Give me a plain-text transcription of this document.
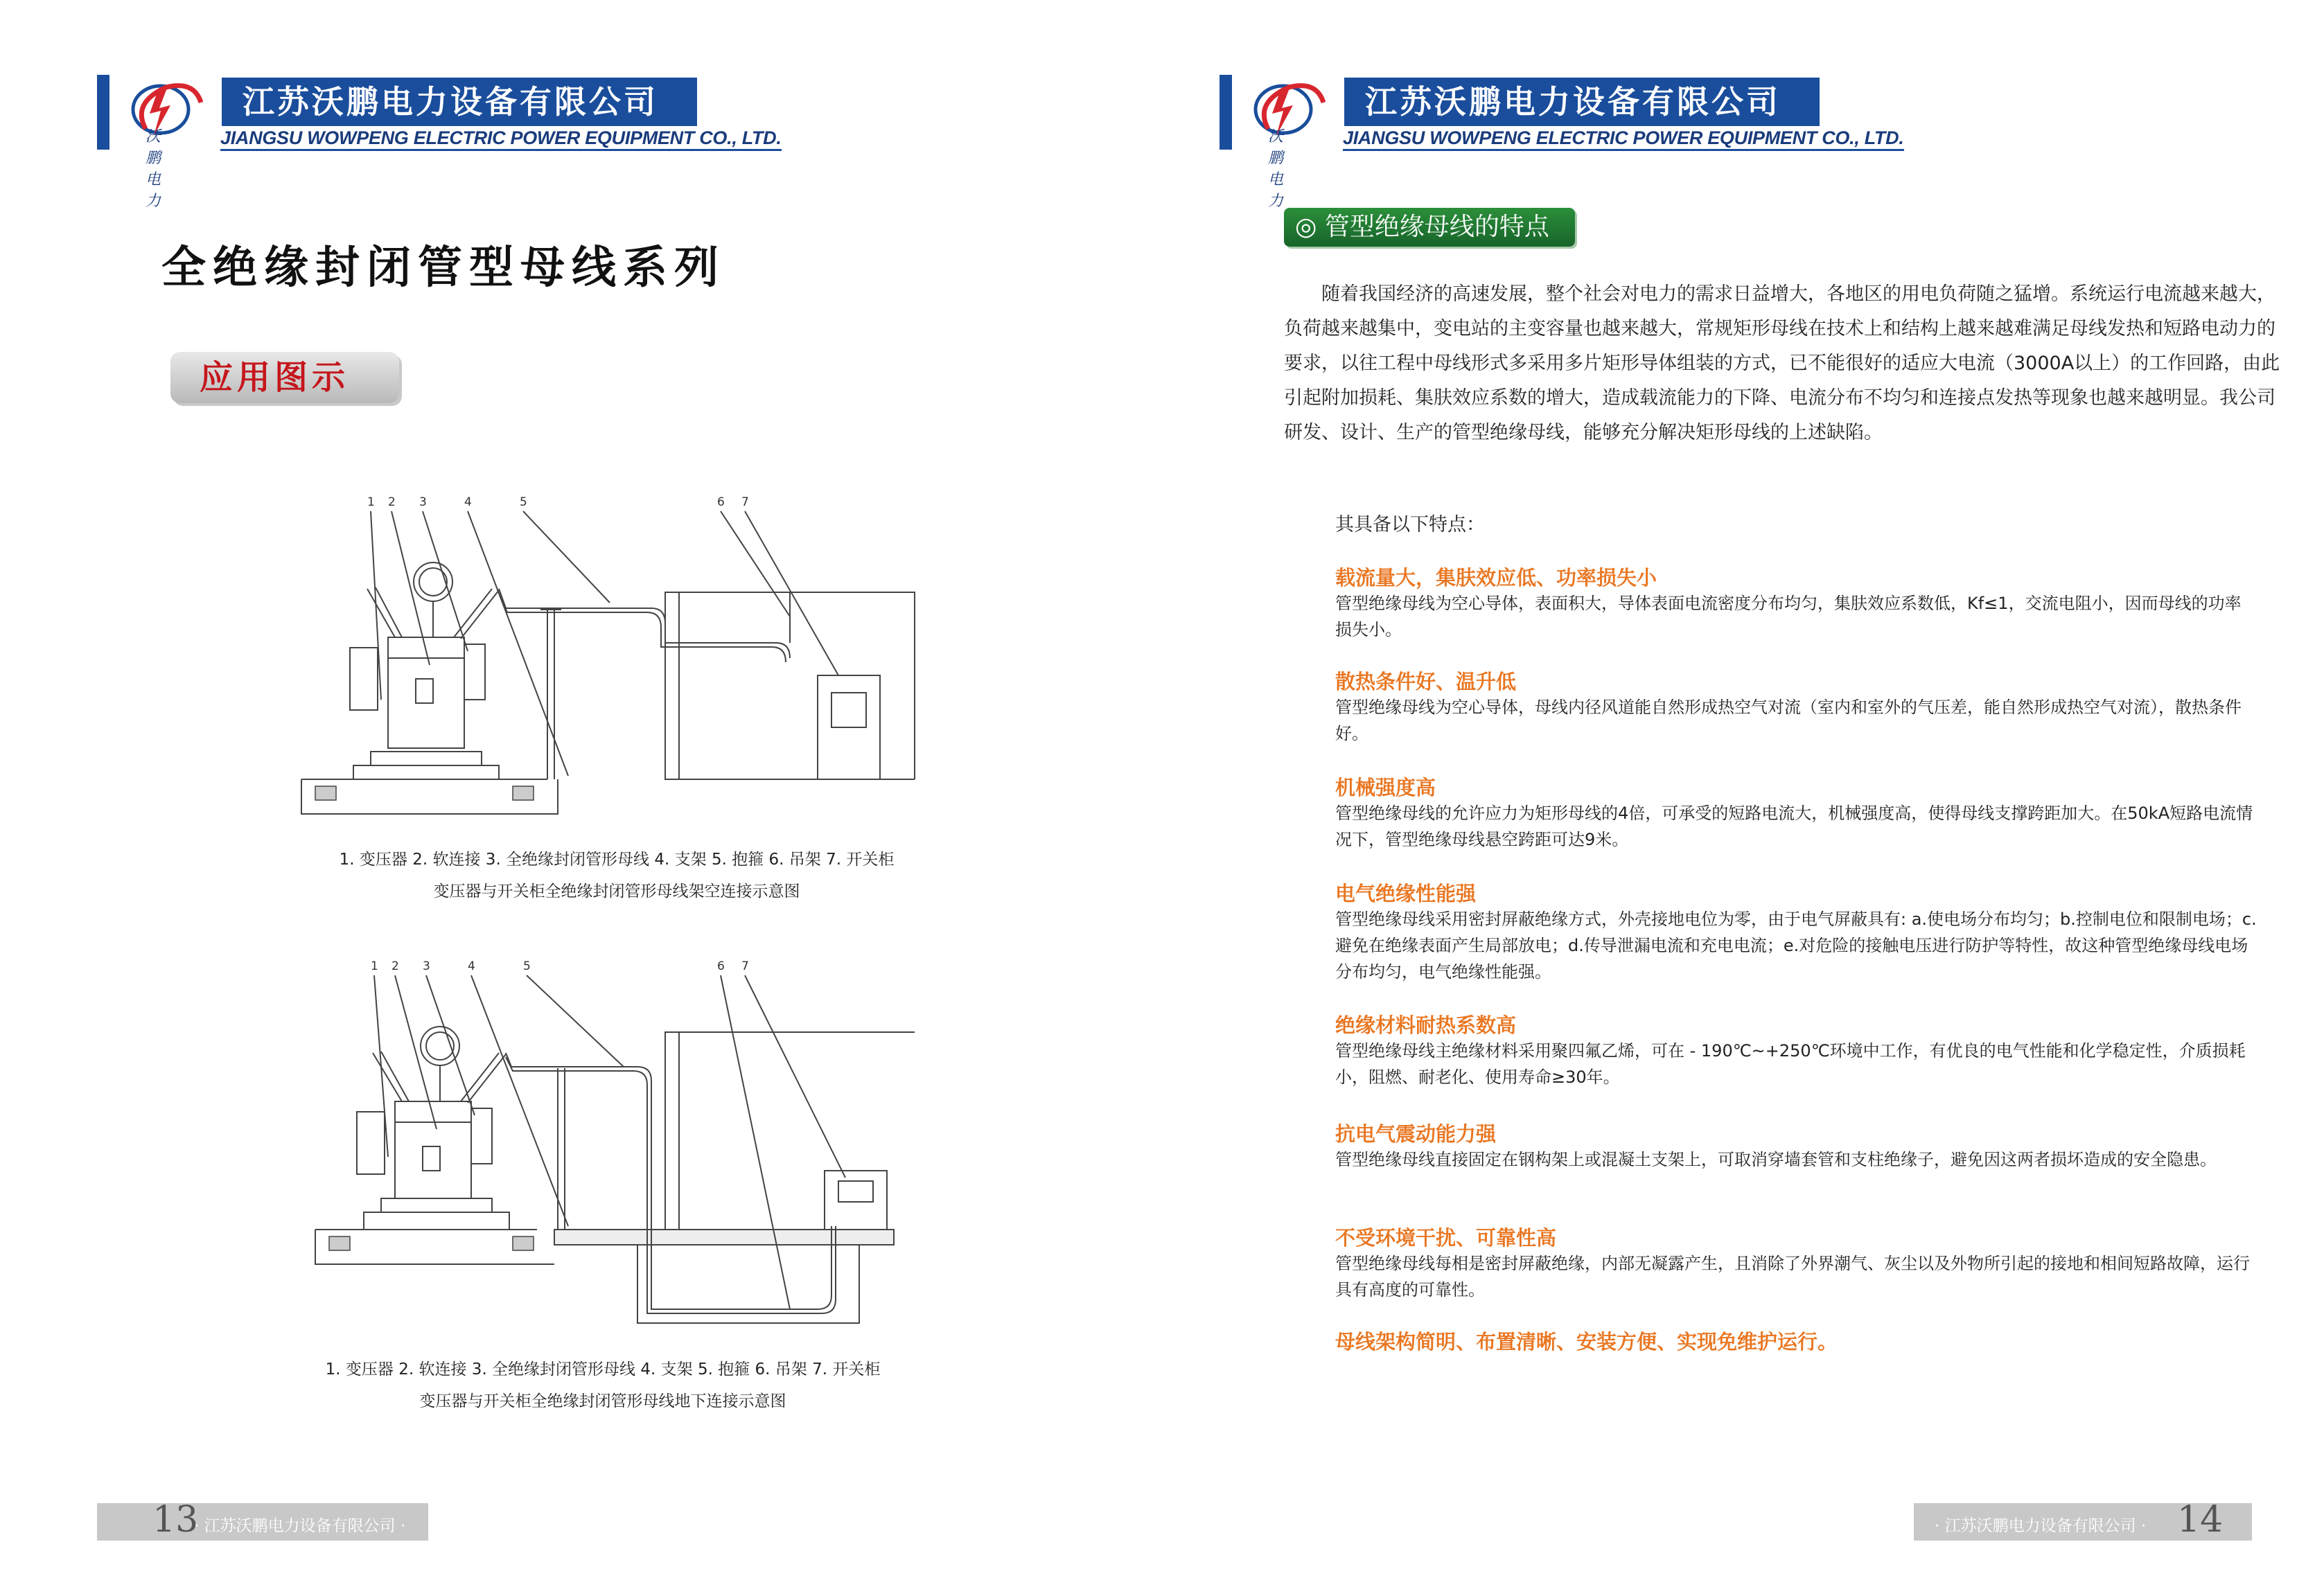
沃鹏电力
江苏沃鹏电力设备有限公司
JIANGSU WOWPENG ELECTRIC POWER EQUIPMENT CO., LTD.
全绝缘封闭管型母线系列
应用图示
1 2 3	4	5	6 7
1. 变压器 2. 软连接 3. 全绝缘封闭管形母线 4. 支架 5. 抱箍 6. 吊架 7. 开关柜
变压器与开关柜全绝缘封闭管形母线架空连接示意图
1 2 3	4	5	6 7
1. 变压器 2. 软连接 3. 全绝缘封闭管形母线 4. 支架 5. 抱箍 6. 吊架 7. 开关柜
变压器与开关柜全绝缘封闭管形母线地下连接示意图
13
· 江苏沃鹏电力设备有限公司 ·
沃鹏电力
江苏沃鹏电力设备有限公司
JIANGSU WOWPENG ELECTRIC POWER EQUIPMENT CO., LTD.
◎ 管型绝缘母线的特点

随着我国经济的高速发展，整个社会对电力的需求日益增大，各地区的用电负荷随之猛增。系统运行电流越来越大，负荷越来越集中，变电站的主变容量也越来越大，常规矩形母线在技术上和结构上越来越难满足母线发热和短路电动力的要求，以往工程中母线形式多采用多片矩形导体组装的方式，已不能很好的适应大电流（3000A以上）的工作回路，由此引起附加损耗、集肤效应系数的增大，造成载流能力的下降、电流分布不均匀和连接点发热等现象也越来越明显。我公司研发、设计、生产的管型绝缘母线，能够充分解决矩形母线的上述缺陷。

其具备以下特点：
载流量大，集肤效应低、功率损失小

管型绝缘母线为空心导体，表面积大，导体表面电流密度分布均匀，集肤效应系数低，Kf≤1，交流电阻小，因而母线的功率损失小。

散热条件好、温升低

管型绝缘母线为空心导体，母线内径风道能自然形成热空气对流（室内和室外的气压差，能自然形成热空气对流），散热条件好。

机械强度高

管型绝缘母线的允许应力为矩形母线的4倍，可承受的短路电流大，机械强度高，使得母线支撑跨距加大。在50kA短路电流情况下，管型绝缘母线悬空跨距可达9米。

电气绝缘性能强

管型绝缘母线采用密封屏蔽绝缘方式，外壳接地电位为零，由于电气屏蔽具有: a.使电场分布均匀；b.控制电位和限制电场；c.避免在绝缘表面产生局部放电；d.传导泄漏电流和充电电流；e.对危险的接触电压进行防护等特性，故这种管型绝缘母线电场分布均匀，电气绝缘性能强。

绝缘材料耐热系数高

管型绝缘母线主绝缘材料采用聚四氟乙烯，可在 - 190℃~+250℃环境中工作，有优良的电气性能和化学稳定性，介质损耗小，阻燃、耐老化、使用寿命≥30年。

抗电气震动能力强

管型绝缘母线直接固定在钢构架上或混凝土支架上，可取消穿墙套管和支柱绝缘子，避免因这两者损坏造成的安全隐患。

不受环境干扰、可靠性高

管型绝缘母线每相是密封屏蔽绝缘，内部无凝露产生，且消除了外界潮气、灰尘以及外物所引起的接地和相间短路故障，运行具有高度的可靠性。

母线架构简明、布置清晰、安装方便、实现免维护运行。
· 江苏沃鹏电力设备有限公司 · 14
